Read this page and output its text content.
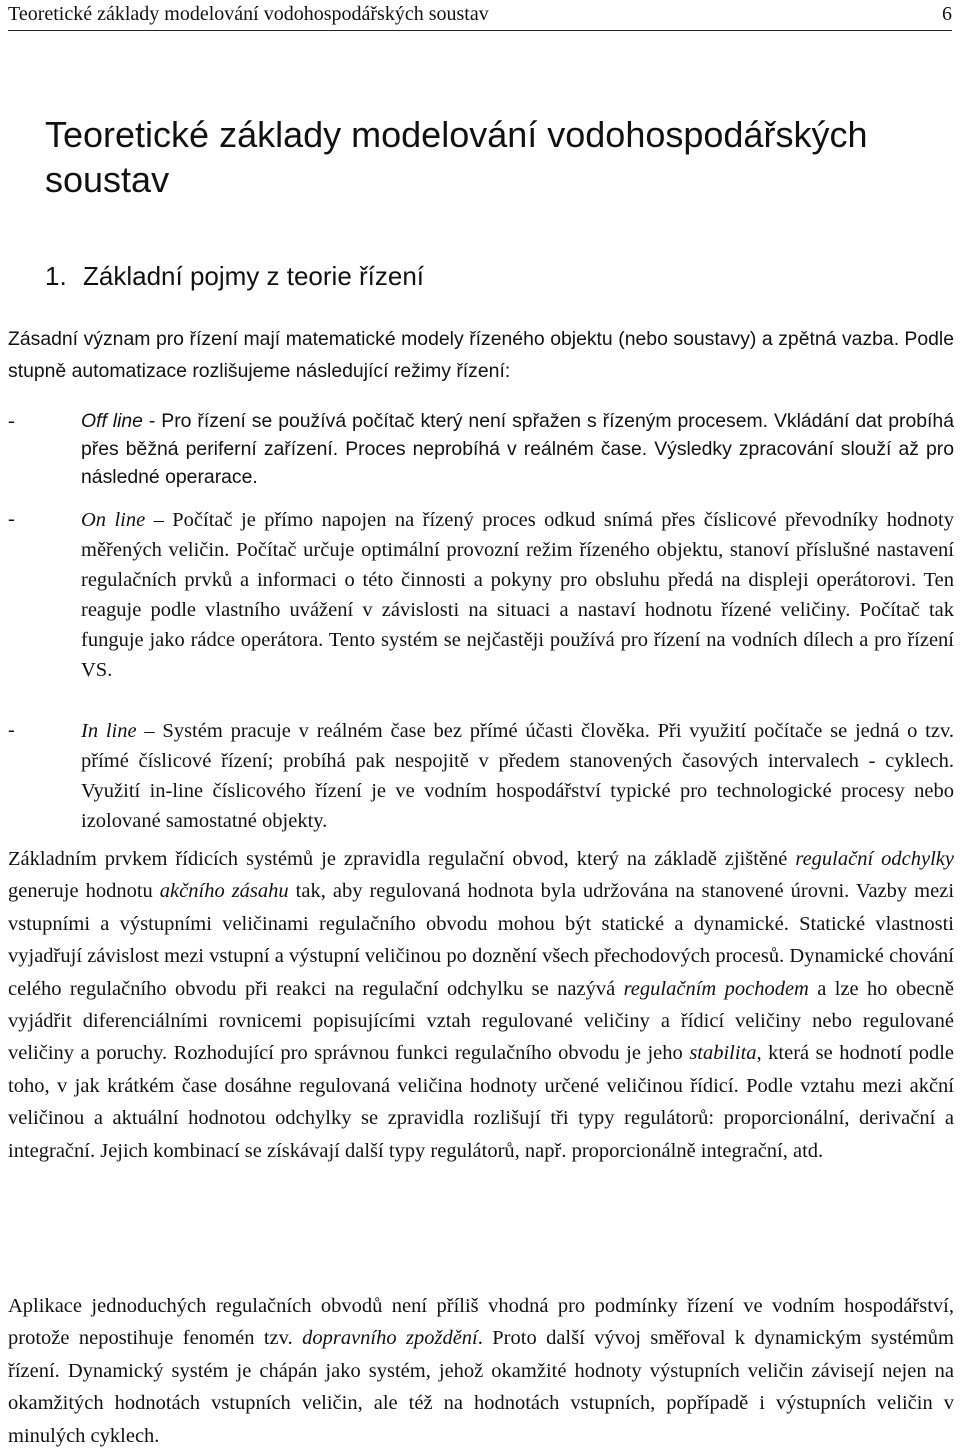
Teoretické základy modelování vodohospodářských soustav	6
Teoretické základy modelování vodohospodářských soustav
1. Základní pojmy z teorie řízení

Zásadní význam pro řízení mají matematické modely řízeného objektu (nebo soustavy) a zpětná vazba. Podle stupně automatizace rozlišujeme následující režimy řízení:

-	Off line - Pro řízení se používá počítač který není spřažen s řízeným procesem. Vkládání dat probíhá přes běžná periferní zařízení. Proces neprobíhá v reálném čase. Výsledky zpracování slouží až pro následné operarace.
-	On line – Počítač je přímo napojen na řízený proces odkud snímá přes číslicové převodníky hodnoty měřených veličin. Počítač určuje optimální provozní režim řízeného objektu, stanoví příslušné nastavení regulačních prvků a informaci o této činnosti a pokyny pro obsluhu předá na displeji operátorovi. Ten reaguje podle vlastního uvážení v závislosti na situaci a nastaví hodnotu řízené veličiny. Počítač tak funguje jako rádce operátora. Tento systém se nejčastěji používá pro řízení na vodních dílech a pro řízení VS.
-	In line – Systém pracuje v reálném čase bez přímé účasti člověka. Při využití počítače se jedná o tzv. přímé číslicové řízení; probíhá pak nespojitě v předem stanovených časových intervalech - cyklech. Využití in-line číslicového řízení je ve vodním hospodářství typické pro technologické procesy nebo izolované samostatné objekty.

Základním prvkem řídicích systémů je zpravidla regulační obvod, který na základě zjištěné regulační odchylky generuje hodnotu akčního zásahu tak, aby regulovaná hodnota byla udržována na stanovené úrovni. Vazby mezi vstupními a výstupními veličinami regulačního obvodu mohou být statické a dynamické. Statické vlastnosti vyjadřují závislost mezi vstupní a výstupní veličinou po doznění všech přechodových procesů. Dynamické chování celého regulačního obvodu při reakci na regulační odchylku se nazývá regulačním pochodem a lze ho obecně vyjádřit diferenciálními rovnicemi popisujícími vztah regulované veličiny a řídicí veličiny nebo regulované veličiny a poruchy. Rozhodující pro správnou funkci regulačního obvodu je jeho stabilita, která se hodnotí podle toho, v jak krátkém čase dosáhne regulovaná veličina hodnoty určené veličinou řídicí. Podle vztahu mezi akční veličinou a aktuální hodnotou odchylky se zpravidla rozlišují tři typy regulátorů: proporcionální, derivační a integrační. Jejich kombinací se získávají další typy regulátorů, např. proporcionálně integrační, atd.

Aplikace jednoduchých regulačních obvodů není příliš vhodná pro podmínky řízení ve vodním hospodářství, protože nepostihuje fenomén tzv. dopravního zpoždění. Proto další vývoj směřoval k dynamickým systémům řízení. Dynamický systém je chápán jako systém, jehož okamžité hodnoty výstupních veličin závisejí nejen na okamžitých hodnotách vstupních veličin, ale též na hodnotách vstupních, popřípadě i výstupních veličin v minulých cyklech.
